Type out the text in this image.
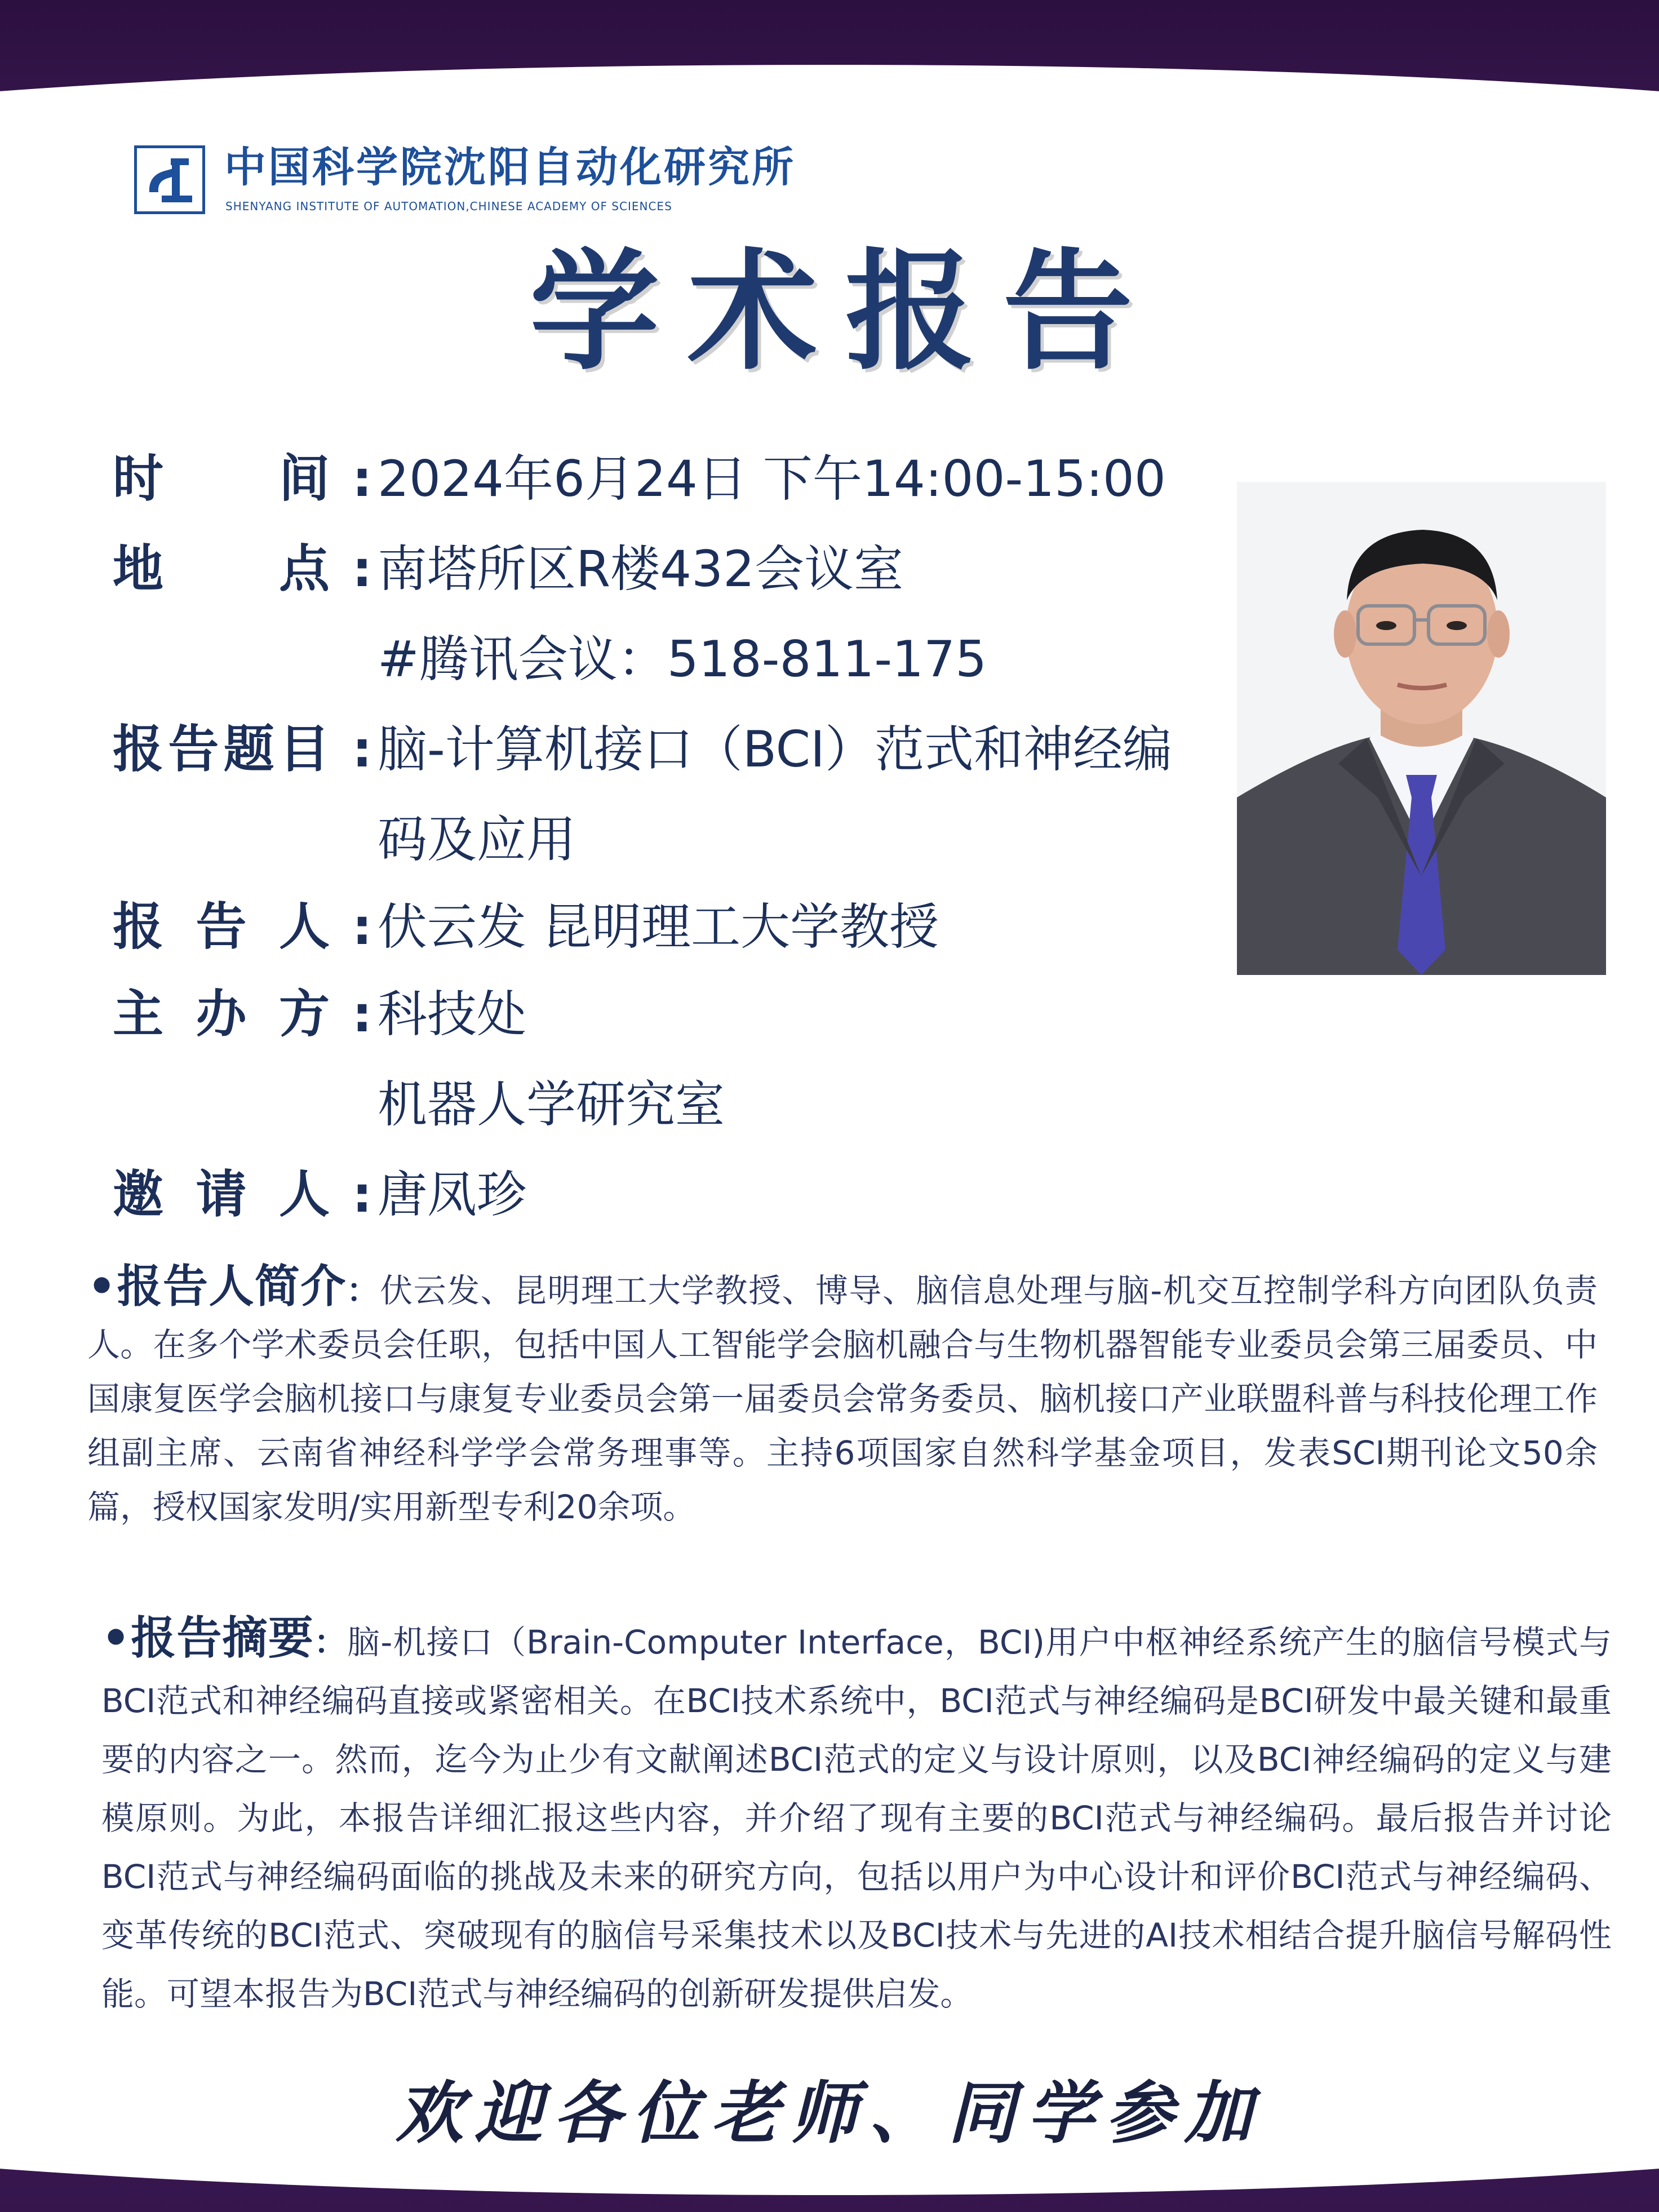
中国科学院沈阳自动化研究所
SHENYANG INSTITUTE OF AUTOMATION,CHINESE ACADEMY OF SCIENCES
学术报告
时间 : 2024年6月24日 下午14:00-15:00
地点 : 南塔所区R楼432会议室
#腾讯会议：518-811-175
报告题目 : 脑-计算机接口（BCI）范式和神经编
码及应用
报告人 : 伏云发 昆明理工大学教授
主办方 : 科技处
机器人学研究室
邀请人 : 唐凤珍
•报告人简介：伏云发、昆明理工大学教授、博导、脑信息处理与脑-机交互控制学科方向团队负责人。在多个学术委员会任职，包括中国人工智能学会脑机融合与生物机器智能专业委员会第三届委员、中国康复医学会脑机接口与康复专业委员会第一届委员会常务委员、脑机接口产业联盟科普与科技伦理工作组副主席、云南省神经科学学会常务理事等。主持6项国家自然科学基金项目，发表SCI期刊论文50余篇，授权国家发明/实用新型专利20余项。
•报告摘要：脑-机接口（Brain-Computer Interface，BCI)用户中枢神经系统产生的脑信号模式与BCI范式和神经编码直接或紧密相关。在BCI技术系统中，BCI范式与神经编码是BCI研发中最关键和最重要的内容之一。然而，迄今为止少有文献阐述BCI范式的定义与设计原则，以及BCI神经编码的定义与建模原则。为此，本报告详细汇报这些内容，并介绍了现有主要的BCI范式与神经编码。最后报告并讨论BCI范式与神经编码面临的挑战及未来的研究方向，包括以用户为中心设计和评价BCI范式与神经编码、变革传统的BCI范式、突破现有的脑信号采集技术以及BCI技术与先进的AI技术相结合提升脑信号解码性能。可望本报告为BCI范式与神经编码的创新研发提供启发。
欢迎各位老师、同学参加
